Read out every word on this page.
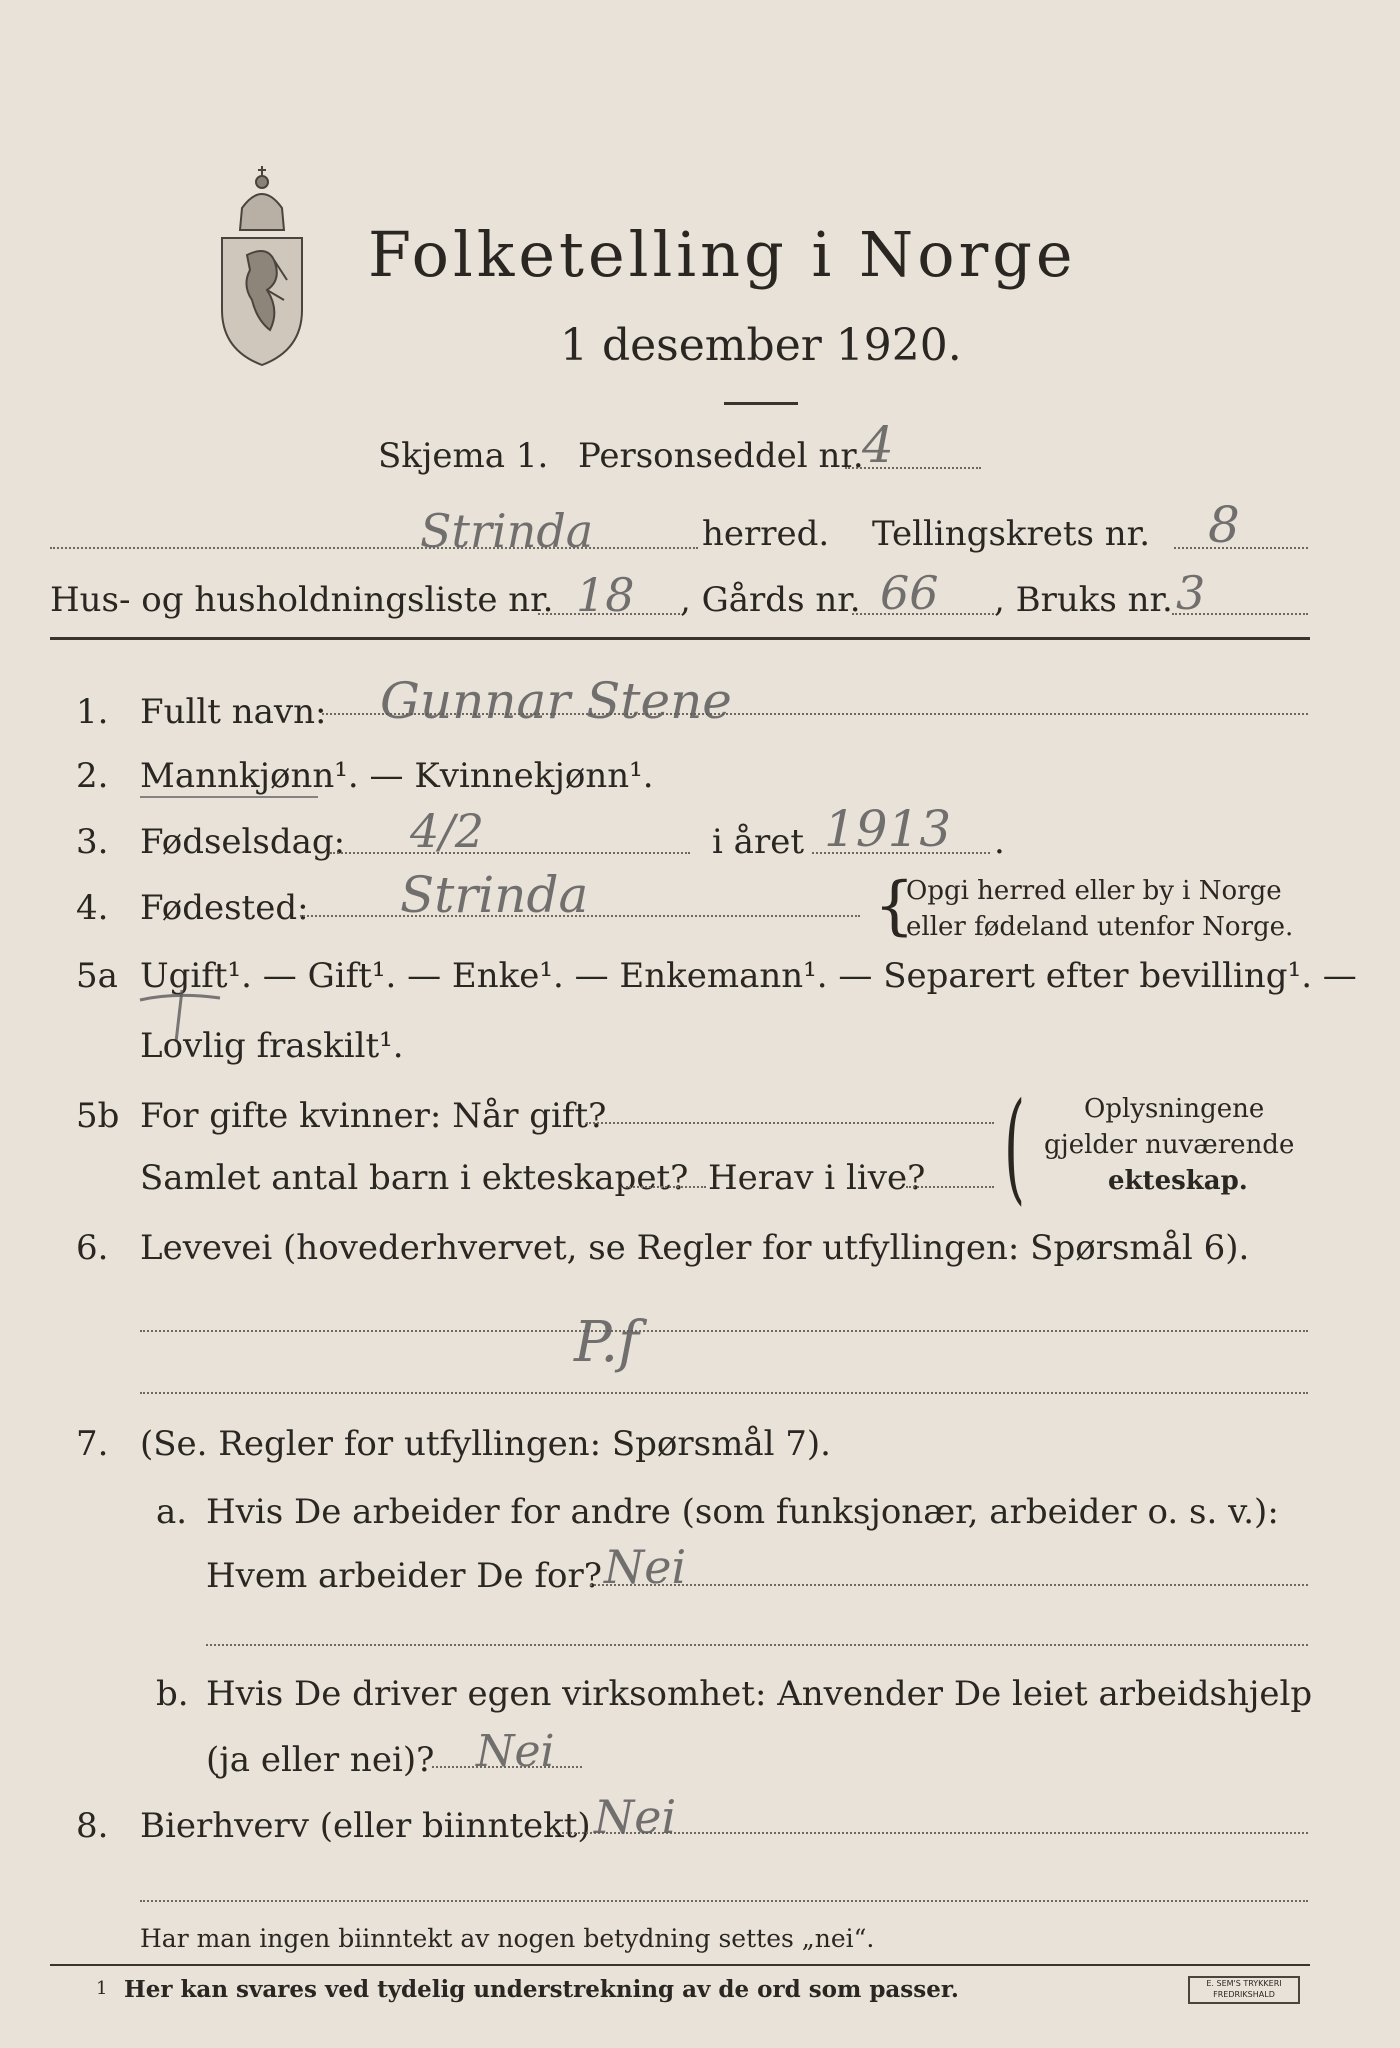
Folketelling i Norge
1 desember 1920.
Skjema 1. Personseddel nr.
4
Strinda	herred. Tellingskrets nr. 8
Hus- og husholdningsliste nr. 18 , Gårds nr. 66 , Bruks nr. 3
1. Fullt navn: Gunnar Stene
2. Mannkjønn¹. — Kvinnekjønn¹.
3. Fødselsdag: 4/2	i året 1913 .
4. Fødested: Strinda	{
Opgi herred eller by i Norge
eller fødeland utenfor Norge.
5a Ugift¹. — Gift¹. — Enke¹. — Enkemann¹. — Separert efter bevilling¹. —
Lovlig fraskilt¹.
5b For gifte kvinner: Når gift?
Samlet antal barn i ekteskapet? Herav i live? ( Oplysningene
gjelder nuværende
ekteskap.
6. Levevei (hovederhvervet, se Regler for utfyllingen: Spørsmål 6).
P.f
7. (Se. Regler for utfyllingen: Spørsmål 7).
a. Hvis De arbeider for andre (som funksjonær, arbeider o. s. v.):
Hvem arbeider De for? Nei
b. Hvis De driver egen virksomhet: Anvender De leiet arbeidshjelp
(ja eller nei)? Nei
8. Bierhverv (eller biinntekt) Nei
Har man ingen biinntekt av nogen betydning settes „nei“.
1 Her kan svares ved tydelig understrekning av de ord som passer.	E. SEM'S TRYKKERI FREDRIKSHALD
